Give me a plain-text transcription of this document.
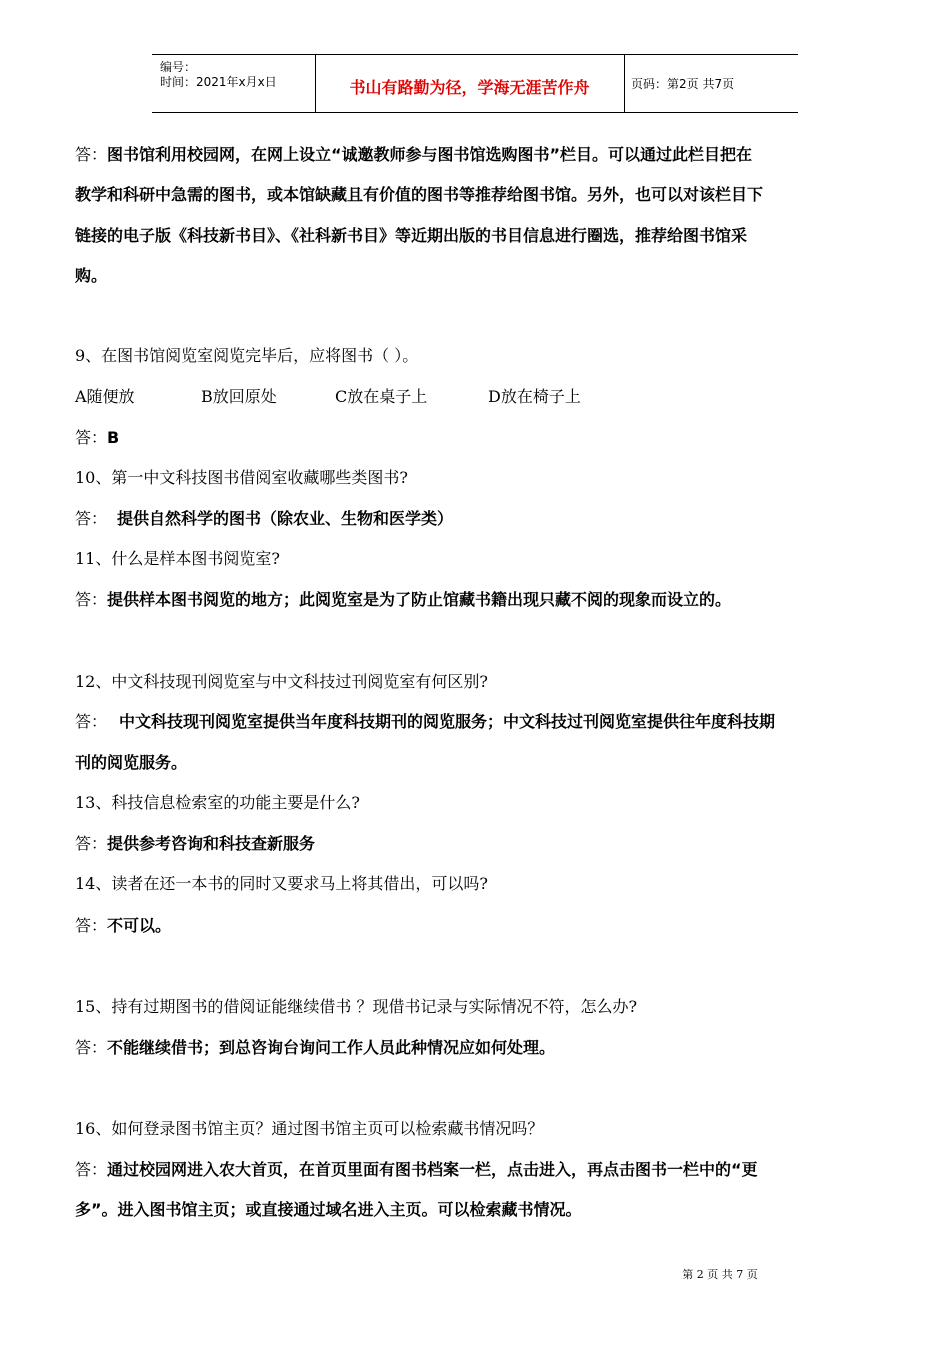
编号：
时间：2021年x月x日	书山有路勤为径，学海无涯苦作舟	页码：第2页 共7页
答：图书馆利用校园网，在网上设立“诚邀教师参与图书馆选购图书”栏目。可以通过此栏目把在
教学和科研中急需的图书，或本馆缺藏且有价值的图书等推荐给图书馆。另外，也可以对该栏目下
链接的电子版《科技新书目》、《社科新书目》等近期出版的书目信息进行圈选，推荐给图书馆采
购。
9、在图书馆阅览室阅览完毕后，应将图书（ ）。
A随便放	B放回原处	C放在桌子上	D放在椅子上
答：B
10、第一中文科技图书借阅室收藏哪些类图书?
答： 提供自然科学的图书（除农业、生物和医学类）
11、什么是样本图书阅览室?
答：提供样本图书阅览的地方；此阅览室是为了防止馆藏书籍出现只藏不阅的现象而设立的。
12、中文科技现刊阅览室与中文科技过刊阅览室有何区别?
答： 中文科技现刊阅览室提供当年度科技期刊的阅览服务；中文科技过刊阅览室提供往年度科技期
刊的阅览服务。
13、科技信息检索室的功能主要是什么?
答：提供参考咨询和科技查新服务
14、读者在还一本书的同时又要求马上将其借出，可以吗?
答：不可以。
15、持有过期图书的借阅证能继续借书 ？现借书记录与实际情况不符，怎么办?
答：不能继续借书；到总咨询台询问工作人员此种情况应如何处理。
16、如何登录图书馆主页？通过图书馆主页可以检索藏书情况吗？
答：通过校园网进入农大首页，在首页里面有图书档案一栏，点击进入，再点击图书一栏中的“更
多”。进入图书馆主页；或直接通过域名进入主页。可以检索藏书情况。
第 2 页 共 7 页
